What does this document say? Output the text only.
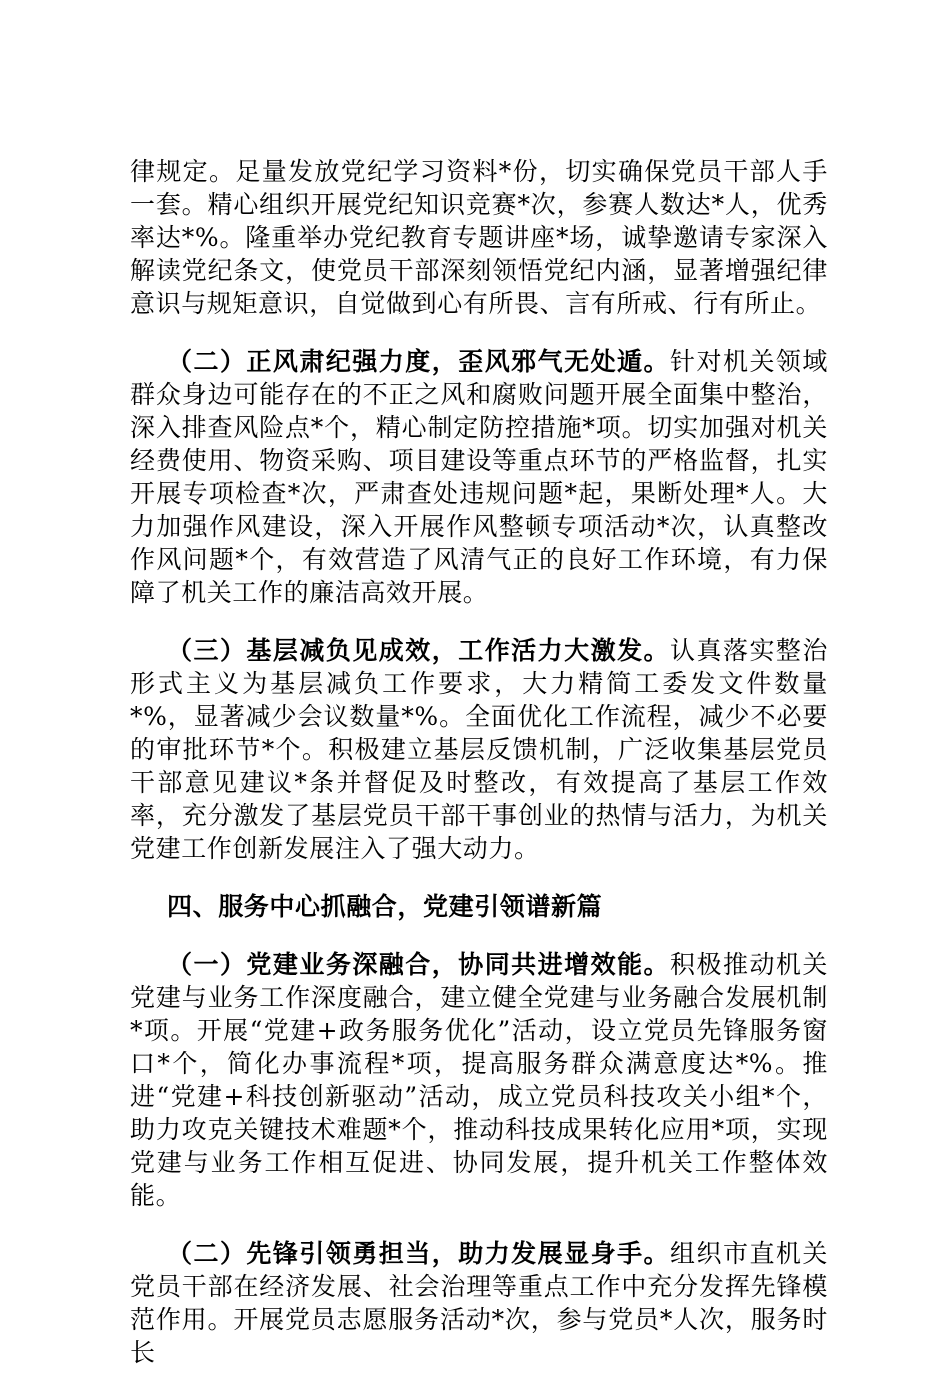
律规定。足量发放党纪学习资料*份，切实确保党员干部人手一套。精心组织开展党纪知识竞赛*次，参赛人数达*人，优秀率达*%。隆重举办党纪教育专题讲座*场，诚挚邀请专家深入解读党纪条文，使党员干部深刻领悟党纪内涵，显著增强纪律意识与规矩意识，自觉做到心有所畏、言有所戒、行有所止。

（二）正风肃纪强力度，歪风邪气无处遁。针对机关领域群众身边可能存在的不正之风和腐败问题开展全面集中整治，深入排查风险点*个，精心制定防控措施*项。切实加强对机关经费使用、物资采购、项目建设等重点环节的严格监督，扎实开展专项检查*次，严肃查处违规问题*起，果断处理*人。大力加强作风建设，深入开展作风整顿专项活动*次，认真整改作风问题*个，有效营造了风清气正的良好工作环境，有力保障了机关工作的廉洁高效开展。

（三）基层减负见成效，工作活力大激发。认真落实整治形式主义为基层减负工作要求，大力精简工委发文件数量*%，显著减少会议数量*%。全面优化工作流程，减少不必要的审批环节*个。积极建立基层反馈机制，广泛收集基层党员干部意见建议*条并督促及时整改，有效提高了基层工作效率，充分激发了基层党员干部干事创业的热情与活力，为机关党建工作创新发展注入了强大动力。

四、服务中心抓融合，党建引领谱新篇

（一）党建业务深融合，协同共进增效能。积极推动机关党建与业务工作深度融合，建立健全党建与业务融合发展机制*项。开展“党建+政务服务优化”活动，设立党员先锋服务窗口*个，简化办事流程*项，提高服务群众满意度达*%。推进“党建+科技创新驱动”活动，成立党员科技攻关小组*个，助力攻克关键技术难题*个，推动科技成果转化应用*项，实现党建与业务工作相互促进、协同发展，提升机关工作整体效能。

（二）先锋引领勇担当，助力发展显身手。组织市直机关党员干部在经济发展、社会治理等重点工作中充分发挥先锋模范作用。开展党员志愿服务活动*次，参与党员*人次，服务时长
